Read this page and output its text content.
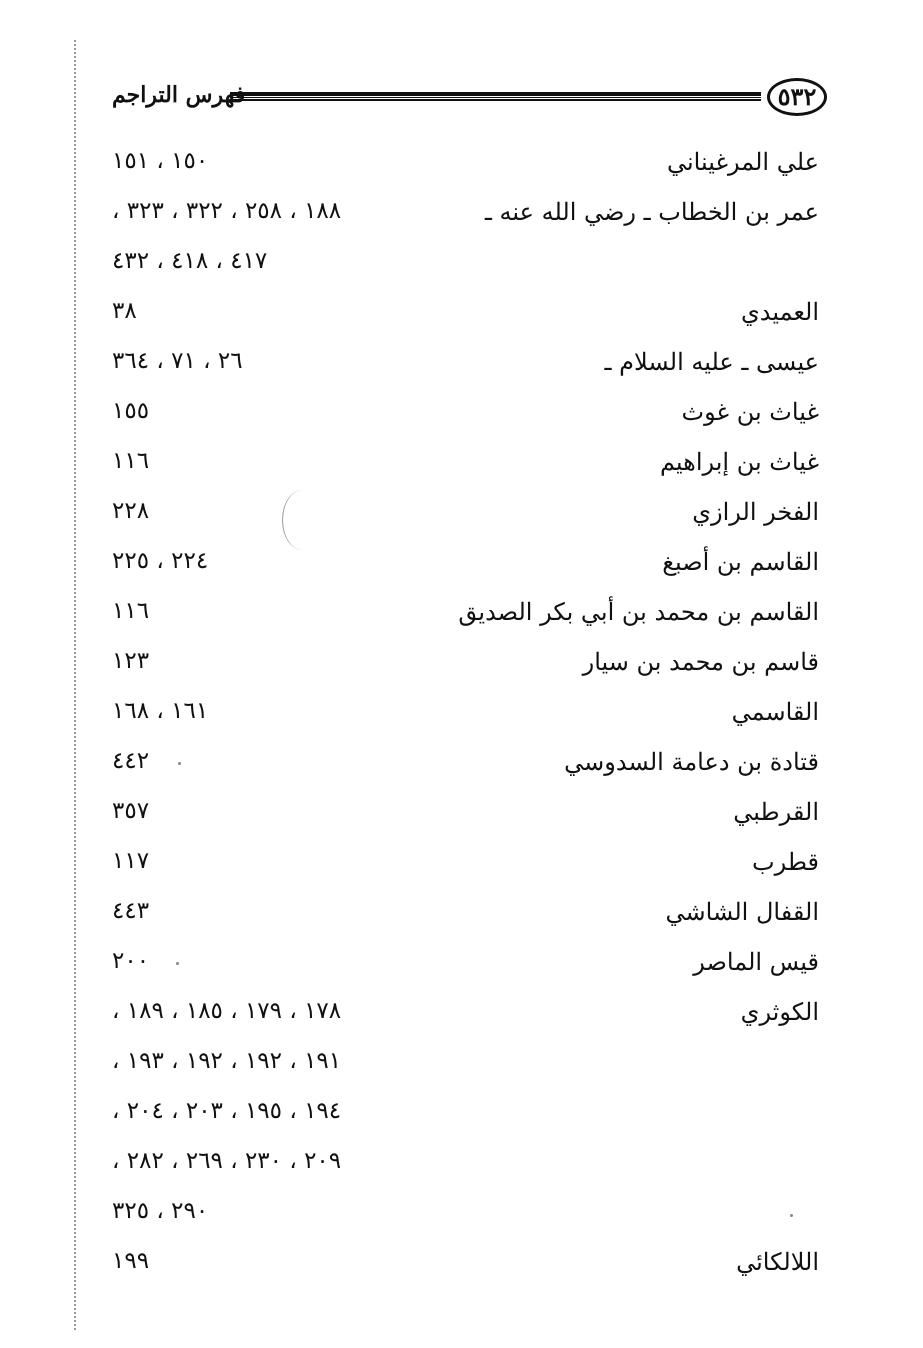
فهرس التراجم	٥٣٢
علي المرغيناني
١٥٠ ، ١٥١
عمر بن الخطاب ـ رضي الله عنه ـ
١٨٨ ، ٢٥٨ ، ٣٢٢ ، ٣٢٣ ،
٤١٧ ، ٤١٨ ، ٤٣٢
العميدي
٣٨
عيسى ـ عليه السلام ـ
٢٦ ، ٧١ ، ٣٦٤
غياث بن غوث
١٥٥
غياث بن إبراهيم
١١٦
الفخر الرازي
٢٢٨
القاسم بن أصبغ
٢٢٤ ، ٢٢٥
القاسم بن محمد بن أبي بكر الصديق
١١٦
قاسم بن محمد بن سيار
١٢٣
القاسمي
١٦١ ، ١٦٨
قتادة بن دعامة السدوسي
٤٤٢
القرطبي
٣٥٧
قطرب
١١٧
القفال الشاشي
٤٤٣
قيس الماصر
٢٠٠
الكوثري
١٧٨ ، ١٧٩ ، ١٨٥ ، ١٨٩ ،
١٩١ ، ١٩٢ ، ١٩٢ ، ١٩٣ ،
١٩٤ ، ١٩٥ ، ٢٠٣ ، ٢٠٤ ،
٢٠٩ ، ٢٣٠ ، ٢٦٩ ، ٢٨٢ ،
٢٩٠ ، ٣٢٥
اللالكائي
١٩٩
